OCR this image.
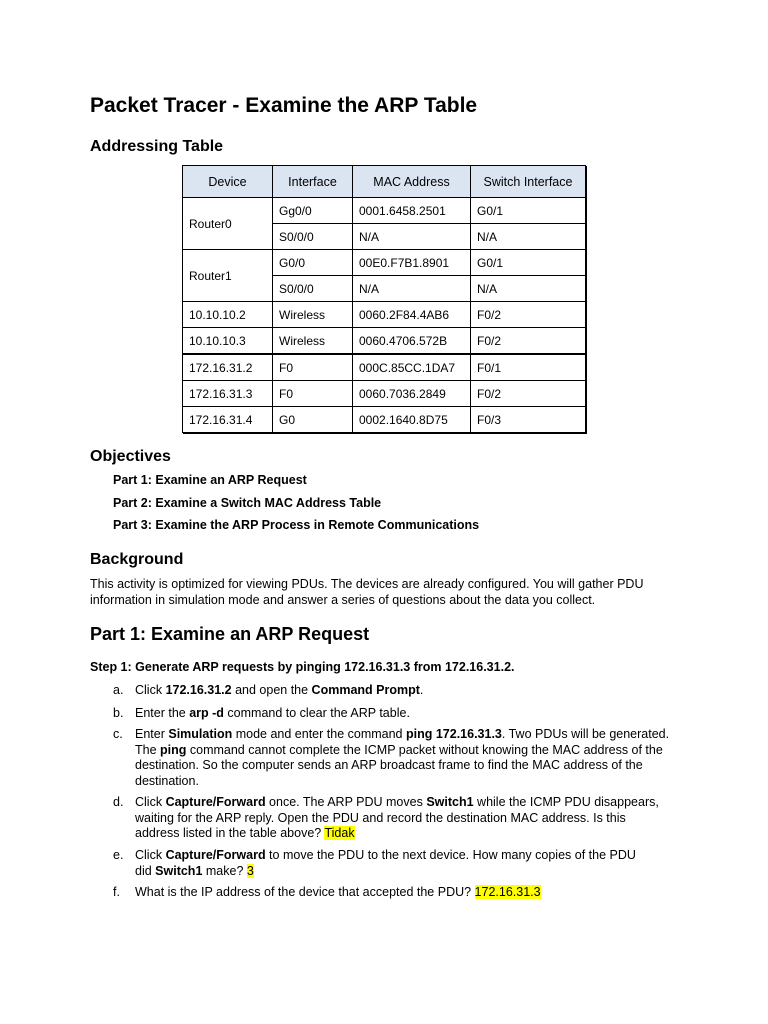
Packet Tracer - Examine the ARP Table
Addressing Table
Device	Interface	MAC Address	Switch Interface
Router0	Gg0/0	0001.6458.2501	G0/1
	S0/0/0	N/A	N/A
Router1	G0/0	00E0.F7B1.8901	G0/1
	S0/0/0	N/A	N/A
10.10.10.2	Wireless	0060.2F84.4AB6	F0/2
10.10.10.3	Wireless	0060.4706.572B	F0/2
172.16.31.2	F0	000C.85CC.1DA7	F0/1
172.16.31.3	F0	0060.7036.2849	F0/2
172.16.31.4	G0	0002.1640.8D75	F0/3
Objectives
Part 1: Examine an ARP Request
Part 2: Examine a Switch MAC Address Table
Part 3: Examine the ARP Process in Remote Communications
Background
This activity is optimized for viewing PDUs. The devices are already configured. You will gather PDU information in simulation mode and answer a series of questions about the data you collect.
Part 1: Examine an ARP Request
Step 1: Generate ARP requests by pinging 172.16.31.3 from 172.16.31.2.
a. Click 172.16.31.2 and open the Command Prompt.
b. Enter the arp -d command to clear the ARP table.
c. Enter Simulation mode and enter the command ping 172.16.31.3. Two PDUs will be generated.
The ping command cannot complete the ICMP packet without knowing the MAC address of the
destination. So the computer sends an ARP broadcast frame to find the MAC address of the
destination.
d. Click Capture/Forward once. The ARP PDU moves Switch1 while the ICMP PDU disappears,
waiting for the ARP reply. Open the PDU and record the destination MAC address. Is this
address listed in the table above? Tidak
e. Click Capture/Forward to move the PDU to the next device. How many copies of the PDU
did Switch1 make? 3
f. What is the IP address of the device that accepted the PDU? 172.16.31.3
